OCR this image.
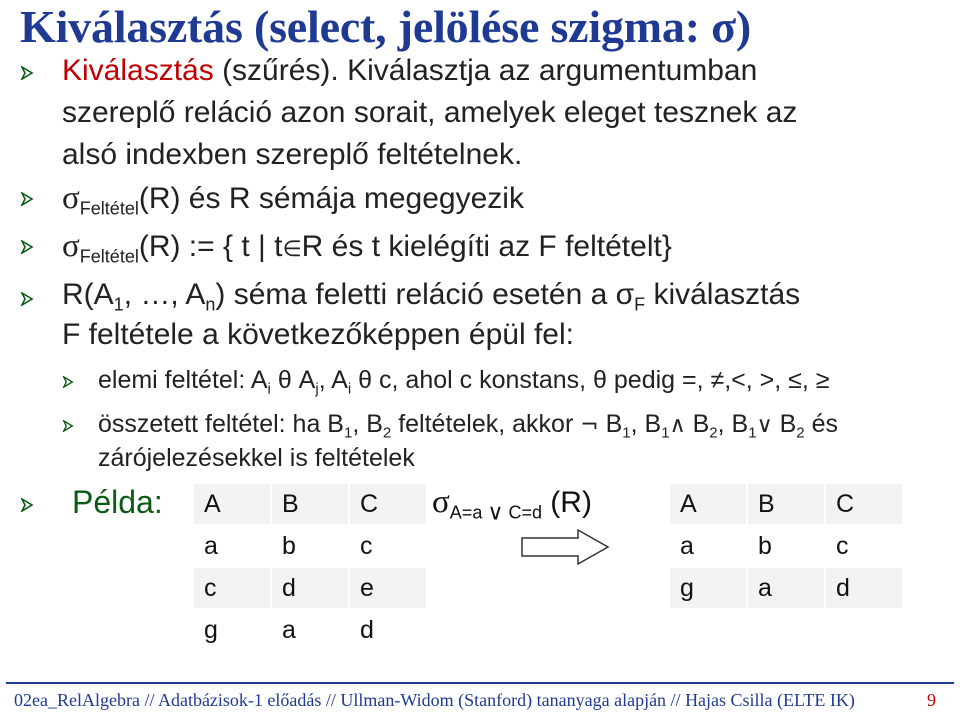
Kiválasztás (select, jelölése szigma: σ)
Kiválasztás (szűrés). Kiválasztja az argumentumban
szereplő reláció azon sorait, amelyek eleget tesznek az
alsó indexben szereplő feltételnek.
$\sigma_{Feltétel}(R)$ és R sémája megegyezik
$\sigma_{Feltétel}(R)$ := { t | t∈R és t kielégíti az F feltételt}
$R(A_1$, …, $A_n$) séma feletti reláció esetén a $\sigma_F$ kiválasztás
F feltétele a következőképpen épül fel:
elemi feltétel: $A_i$ θ $A_j$, $A_i$ θ c, ahol c konstans, θ pedig =, ≠,<, >, ≤, ≥
összetett feltétel: ha $B_1$, $B_2$ feltételek, akkor ¬ $B_1$, $B_1\wedge$ $B_2$, $B_1\vee$ $B_2$ és
zárójelezésekkel is feltételek
Példa: A	B	C
a	b	c
c	d	e
g	a	d
$\sigma_{A=a}$ $_\vee$ $_{C=d}$ (R)	A	B	C
a	b	c
g	a	d
02ea_RelAlgebra // Adatbázisok-1 előadás // Ullman-Widom (Stanford) tananyaga alapján // Hajas Csilla (ELTE IK)	9
